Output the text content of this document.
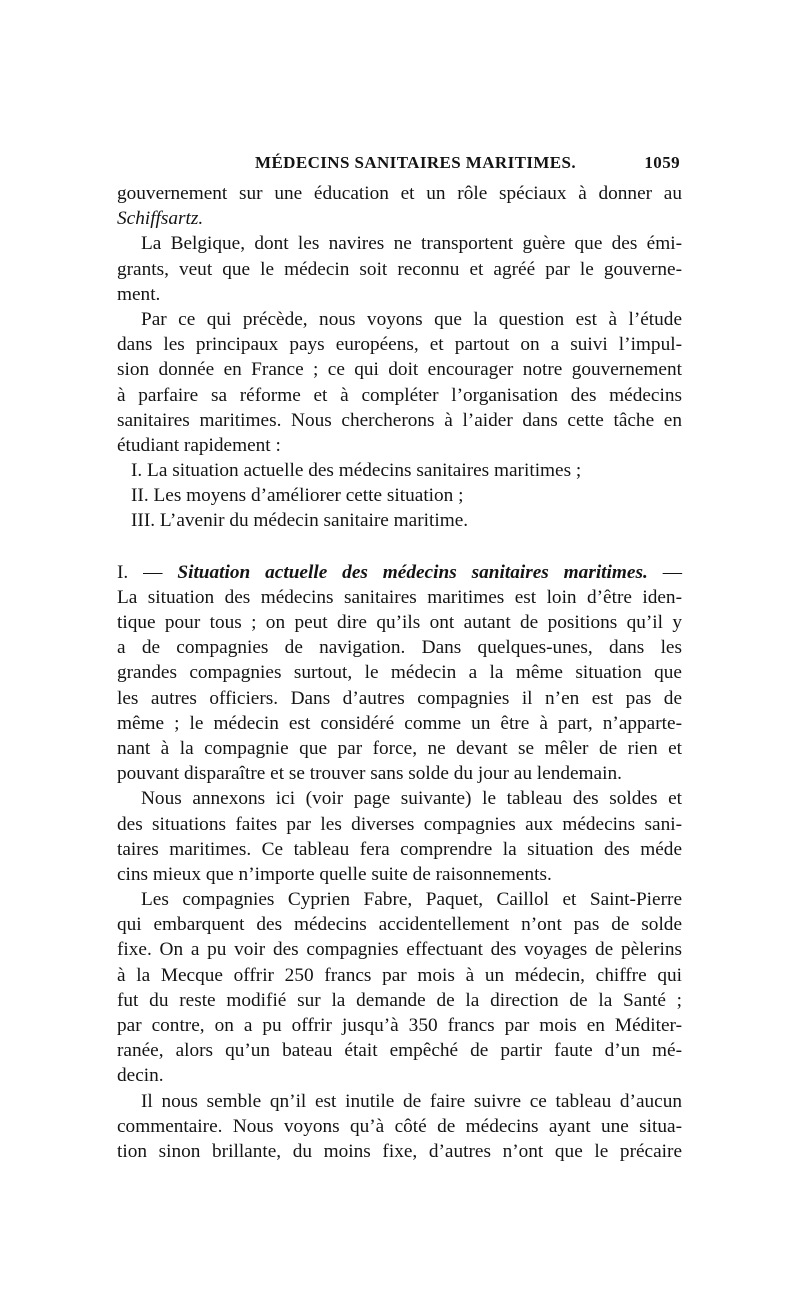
MÉDECINS SANITAIRES MARITIMES.	1059
gouvernement sur une éducation et un rôle spéciaux à donner au
Schiffsartz.
La Belgique, dont les navires ne transportent guère que des émi-
grants, veut que le médecin soit reconnu et agréé par le gouverne-
ment.
Par ce qui précède, nous voyons que la question est à l’étude
dans les principaux pays européens, et partout on a suivi l’impul-
sion donnée en France ; ce qui doit encourager notre gouvernement
à parfaire sa réforme et à compléter l’organisation des médecins
sanitaires maritimes. Nous chercherons à l’aider dans cette tâche en
étudiant rapidement :
I. La situation actuelle des médecins sanitaires maritimes ;
II. Les moyens d’améliorer cette situation ;
III. L’avenir du médecin sanitaire maritime.
I. — Situation actuelle des médecins sanitaires maritimes. —
La situation des médecins sanitaires maritimes est loin d’être iden-
tique pour tous ; on peut dire qu’ils ont autant de positions qu’il y
a de compagnies de navigation. Dans quelques-unes, dans les
grandes compagnies surtout, le médecin a la même situation que
les autres officiers. Dans d’autres compagnies il n’en est pas de
même ; le médecin est considéré comme un être à part, n’apparte-
nant à la compagnie que par force, ne devant se mêler de rien et
pouvant disparaître et se trouver sans solde du jour au lendemain.
Nous annexons ici (voir page suivante) le tableau des soldes et
des situations faites par les diverses compagnies aux médecins sani-
taires maritimes. Ce tableau fera comprendre la situation des méde
cins mieux que n’importe quelle suite de raisonnements.
Les compagnies Cyprien Fabre, Paquet, Caillol et Saint-Pierre
qui embarquent des médecins accidentellement n’ont pas de solde
fixe. On a pu voir des compagnies effectuant des voyages de pèlerins
à la Mecque offrir 250 francs par mois à un médecin, chiffre qui
fut du reste modifié sur la demande de la direction de la Santé ;
par contre, on a pu offrir jusqu’à 350 francs par mois en Méditer-
ranée, alors qu’un bateau était empêché de partir faute d’un mé-
decin.
Il nous semble qn’il est inutile de faire suivre ce tableau d’aucun
commentaire. Nous voyons qu’à côté de médecins ayant une situa-
tion sinon brillante, du moins fixe, d’autres n’ont que le précaire
